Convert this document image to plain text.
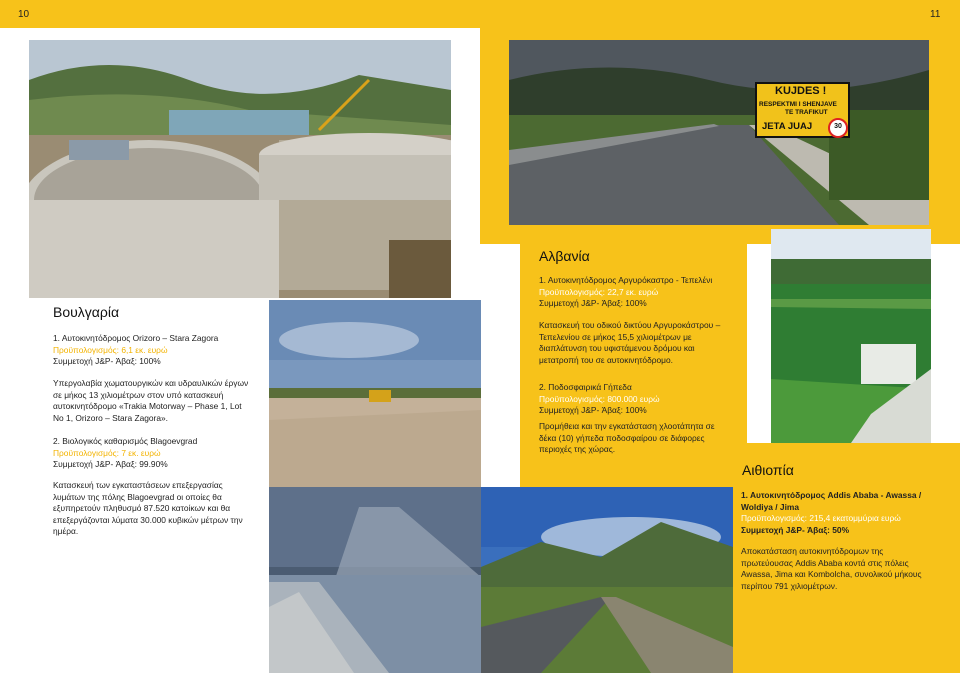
10	11
KUJDES !
RESPEKTMI I SHENJAVE
TE TRAFIKUT
JETA JUAJ	30
Βουλγαρία

1. Αυτοκινητόδρομος Orizoro – Stara Zagora

Προϋπολογισμός: 6,1 εκ. ευρώ

Συμμετοχή J&P- Άβαξ: 100%

Υπεργολαβία χωματουργικών και υδραυλικών έργων σε μήκος 13 χιλιομέτρων στον υπό κατασκευή αυτοκινητόδρομο «Trakia Motorway – Phase 1, Lot No 1, Orizoro – Stara Zagora».

2. Βιολογικός καθαρισμός Blagoevgrad

Προϋπολογισμός: 7 εκ. ευρώ

Συμμετοχή J&P- Άβαξ: 99.90%

Κατασκευή των εγκαταστάσεων επεξεργασίας λυμάτων της πόλης Blagoevgrad οι οποίες θα εξυπηρετούν πληθυσμό 87.520 κατοίκων και θα επεξεργάζονται λύματα 30.000 κυβικών μέτρων την ημέρα.

Αλβανία

1. Αυτοκινητόδρομος Αργυρόκαστρο - Τεπελένι

Προϋπολογισμός: 22,7 εκ. ευρώ

Συμμετοχή J&P- Άβαξ: 100%

Κατασκευή του οδικού δικτύου Αργυροκάστρου – Τεπελενίου σε μήκος 15,5 χιλιομέτρων με διαπλάτυνση του υφιστάμενου δρόμου και μετατροπή του σε αυτοκινητόδρομο.

2. Ποδοσφαιρικά Γήπεδα

Προϋπολογισμός: 800.000 ευρώ

Συμμετοχή J&P- Άβαξ: 100%

Προμήθεια και την εγκατάσταση χλοοτάπητα σε δέκα (10) γήπεδα ποδοσφαίρου σε διάφορες περιοχές της χώρας.

Αιθιοπία

1. Αυτοκινητόδρομος Addis Ababa - Awassa / Woldiya / Jima

Προϋπολογισμός: 215,4 εκατομμύρια ευρώ

Συμμετοχή J&P- Άβαξ: 50%

Αποκατάσταση αυτοκινητόδρομων της πρωτεύουσας Addis Ababa κοντά στις πόλεις Awassa, Jima και Kombolcha, συνολικού μήκους περίπου 791 χιλιομέτρων.
